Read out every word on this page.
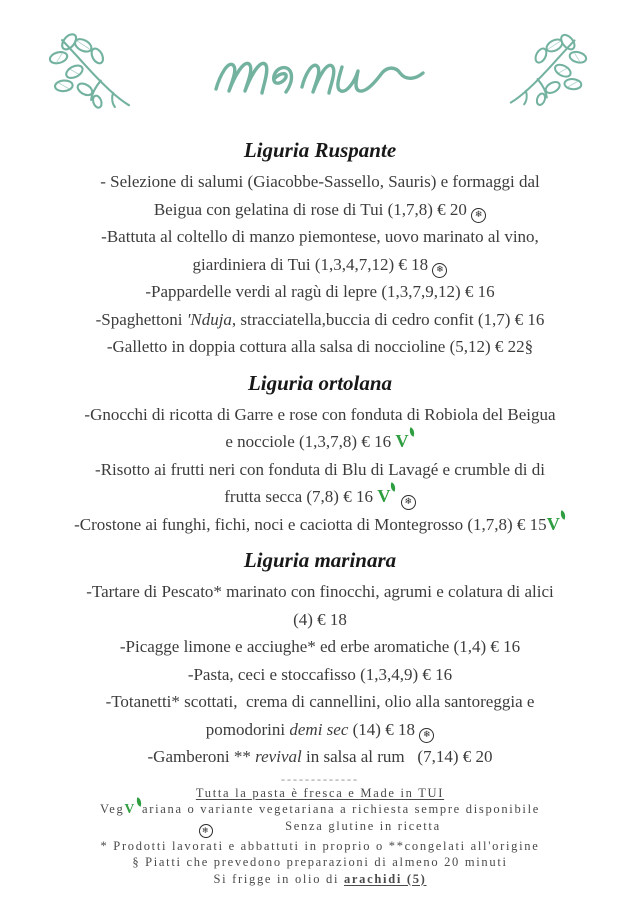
Liguria Ruspante
- Selezione di salumi (Giacobbe-Sassello, Sauris) e formaggi dal
Beigua con gelatina di rose di Tui (1,7,8) € 20 ❄
-Battuta al coltello di manzo piemontese, uovo marinato al vino,
giardiniera di Tui (1,3,4,7,12) € 18 ❄
-Pappardelle verdi al ragù di lepre (1,3,7,9,12) € 16
-Spaghettoni 'Nduja, stracciatella,buccia di cedro confit (1,7) € 16
-Galletto in doppia cottura alla salsa di noccioline (5,12) € 22§
Liguria ortolana
-Gnocchi di ricotta di Garre e rose con fonduta di Robiola del Beigua
e nocciole (1,3,7,8) € 16 V
-Risotto ai frutti neri con fonduta di Blu di Lavagé e crumble di di
frutta secca (7,8) € 16 V ❄
-Crostone ai funghi, fichi, noci e caciotta di Montegrosso (1,7,8) € 15V
Liguria marinara
-Tartare di Pescato* marinato con finocchi, agrumi e colatura di alici
(4) € 18
-Picagge limone e acciughe* ed erbe aromatiche (1,4) € 16
-Pasta, ceci e stoccafisso (1,3,4,9) € 16
-Totanetti* scottati,  crema di cannellini, olio alla santoreggia e
pomodorini demi sec (14) € 18 ❄
-Gamberoni ** revival in salsa al rum   (7,14) € 20
-------------
Tutta la pasta è fresca e Made in TUI
VegV ariana o variante vegetariana a richiesta sempre disponibile
❄	Senza glutine in ricetta
* Prodotti lavorati e abbattuti in proprio o **congelati all'origine
§ Piatti che prevedono preparazioni di almeno 20 minuti
Si frigge in olio di arachidi (5)
